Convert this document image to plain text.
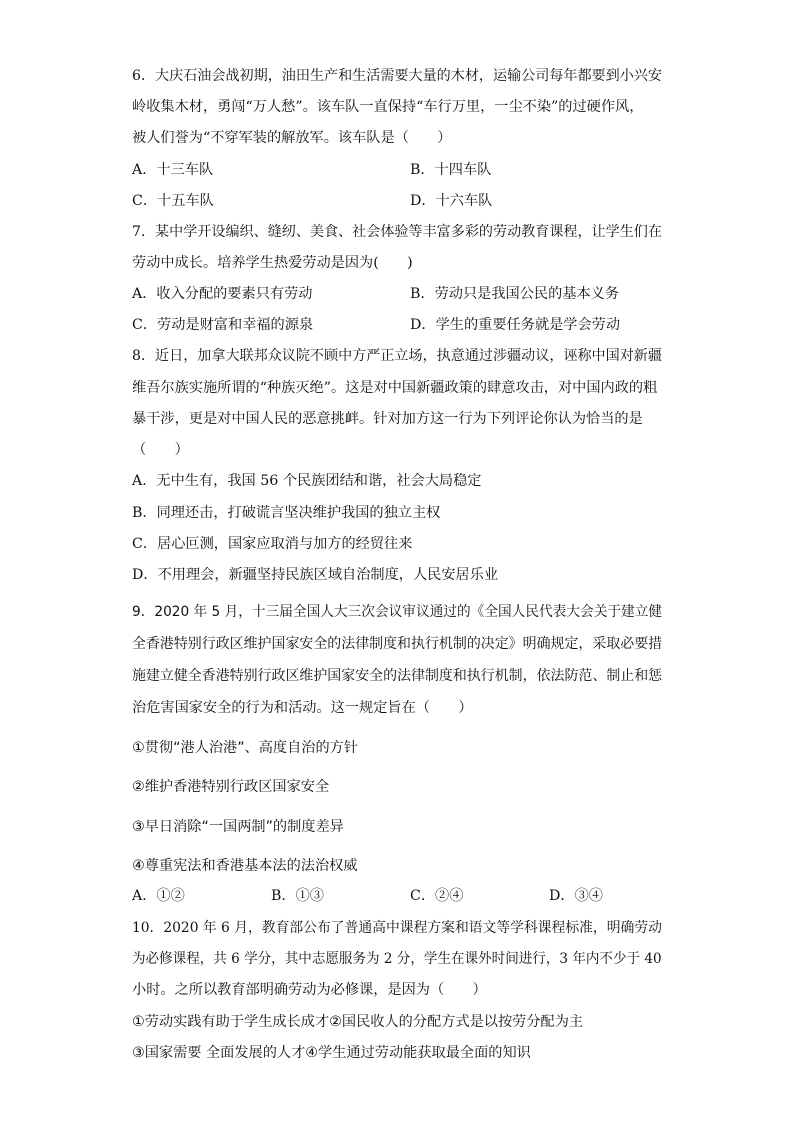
6．大庆石油会战初期，油田生产和生活需要大量的木材，运输公司每年都要到小兴安
岭收集木材，勇闯“万人愁”。该车队一直保持“车行万里，一尘不染”的过硬作风，
被人们誉为“不穿军装的解放军。该车队是（　　）
A．十三车队	B．十四车队
C．十五车队	D．十六车队
7．某中学开设编织、缝纫、美食、社会体验等丰富多彩的劳动教育课程，让学生们在
劳动中成长。培养学生热爱劳动是因为(　　)
A．收入分配的要素只有劳动	B．劳动只是我国公民的基本义务
C．劳动是财富和幸福的源泉	D．学生的重要任务就是学会劳动
8．近日，加拿大联邦众议院不顾中方严正立场，执意通过涉疆动议，诬称中国对新疆
维吾尔族实施所谓的“种族灭绝”。这是对中国新疆政策的肆意攻击，对中国内政的粗
暴干涉，更是对中国人民的恶意挑衅。针对加方这一行为下列评论你认为恰当的是
（　　）
A．无中生有，我国 56 个民族团结和谐，社会大局稳定
B．同理还击，打破谎言坚决维护我国的独立主权
C．居心叵测，国家应取消与加方的经贸往来
D．不用理会，新疆坚持民族区域自治制度，人民安居乐业
9．2020 年 5 月，十三届全国人大三次会议审议通过的《全国人民代表大会关于建立健
全香港特别行政区维护国家安全的法律制度和执行机制的决定》明确规定，采取必要措
施建立健全香港特别行政区维护国家安全的法律制度和执行机制，依法防范、制止和惩
治危害国家安全的行为和活动。这一规定旨在（　　）
①贯彻“港人治港”、高度自治的方针
②维护香港特别行政区国家安全
③早日消除“一国两制”的制度差异
④尊重宪法和香港基本法的法治权威
A．①②	B．①③	C．②④	D．③④
10．2020 年 6 月，教育部公布了普通高中课程方案和语文等学科课程标准，明确劳动
为必修课程，共 6 学分，其中志愿服务为 2 分，学生在课外时间进行，3 年内不少于 40
小时。之所以教育部明确劳动为必修课，是因为（　　）
①劳动实践有助于学生成长成才②国民收人的分配方式是以按劳分配为主
③国家需要 全面发展的人才④学生通过劳动能获取最全面的知识
